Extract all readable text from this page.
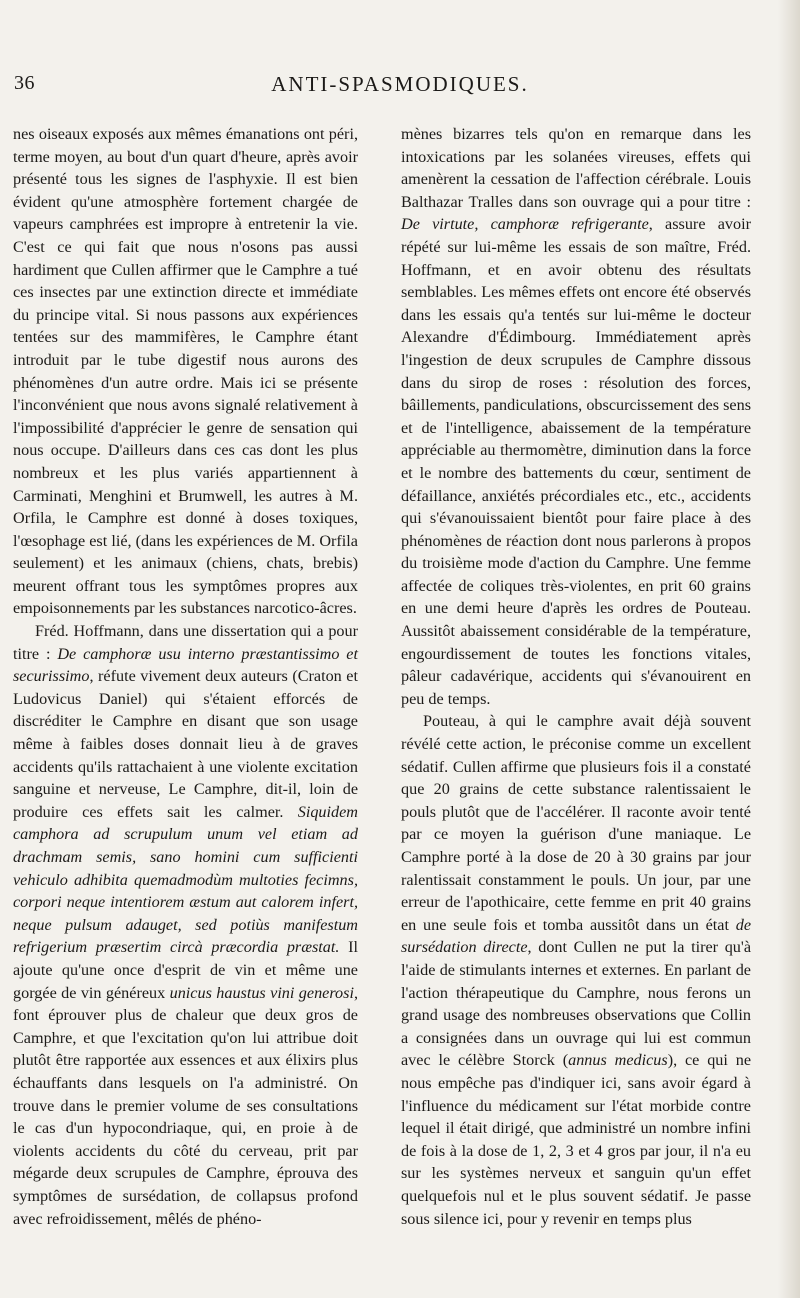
36	ANTI-SPASMODIQUES.

nes oiseaux exposés aux mêmes émanations ont péri, terme moyen, au bout d'un quart d'heure, après avoir présenté tous les signes de l'asphyxie. Il est bien évident qu'une atmosphère fortement chargée de vapeurs camphrées est impropre à entretenir la vie. C'est ce qui fait que nous n'osons pas aussi hardiment que Cullen affirmer que le Camphre a tué ces insectes par une extinction directe et immédiate du principe vital. Si nous passons aux expériences tentées sur des mammifères, le Camphre étant introduit par le tube digestif nous aurons des phénomènes d'un autre ordre. Mais ici se présente l'inconvénient que nous avons signalé relativement à l'impossibilité d'apprécier le genre de sensation qui nous occupe. D'ailleurs dans ces cas dont les plus nombreux et les plus variés appartiennent à Carminati, Menghini et Brumwell, les autres à M. Orfila, le Camphre est donné à doses toxiques, l'œsophage est lié, (dans les expériences de M. Orfila seulement) et les animaux (chiens, chats, brebis) meurent offrant tous les symptômes propres aux empoisonnements par les substances narcotico-âcres.

Fréd. Hoffmann, dans une dissertation qui a pour titre : De camphoræ usu interno præstantissimo et securissimo, réfute vivement deux auteurs (Craton et Ludovicus Daniel) qui s'étaient efforcés de discréditer le Camphre en disant que son usage même à faibles doses donnait lieu à de graves accidents qu'ils rattachaient à une violente excitation sanguine et nerveuse, Le Camphre, dit-il, loin de produire ces effets sait les calmer. Siquidem camphora ad scrupulum unum vel etiam ad drachmam semis, sano homini cum sufficienti vehiculo adhibita quemadmodùm multoties fecimns, corpori neque intentiorem æstum aut calorem infert, neque pulsum adauget, sed potiùs manifestum refrigerium præsertim circà præcordia præstat. Il ajoute qu'une once d'esprit de vin et même une gorgée de vin généreux unicus haustus vini generosi, font éprouver plus de chaleur que deux gros de Camphre, et que l'excitation qu'on lui attribue doit plutôt être rapportée aux essences et aux élixirs plus échauffants dans lesquels on l'a administré. On trouve dans le premier volume de ses consultations le cas d'un hypocondriaque, qui, en proie à de violents accidents du côté du cerveau, prit par mégarde deux scrupules de Camphre, éprouva des symptômes de sursédation, de collapsus profond avec refroidissement, mêlés de phéno-

mènes bizarres tels qu'on en remarque dans les intoxications par les solanées vireuses, effets qui amenèrent la cessation de l'affection cérébrale. Louis Balthazar Tralles dans son ouvrage qui a pour titre : De virtute, camphoræ refrigerante, assure avoir répété sur lui-même les essais de son maître, Fréd. Hoffmann, et en avoir obtenu des résultats semblables. Les mêmes effets ont encore été observés dans les essais qu'a tentés sur lui-même le docteur Alexandre d'Édimbourg. Immédiatement après l'ingestion de deux scrupules de Camphre dissous dans du sirop de roses : résolution des forces, bâillements, pandiculations, obscurcissement des sens et de l'intelligence, abaissement de la température appréciable au thermomètre, diminution dans la force et le nombre des battements du cœur, sentiment de défaillance, anxiétés précordiales etc., etc., accidents qui s'évanouissaient bientôt pour faire place à des phénomènes de réaction dont nous parlerons à propos du troisième mode d'action du Camphre. Une femme affectée de coliques très-violentes, en prit 60 grains en une demi heure d'après les ordres de Pouteau. Aussitôt abaissement considérable de la température, engourdissement de toutes les fonctions vitales, pâleur cadavérique, accidents qui s'évanouirent en peu de temps.

Pouteau, à qui le camphre avait déjà souvent révélé cette action, le préconise comme un excellent sédatif. Cullen affirme que plusieurs fois il a constaté que 20 grains de cette substance ralentissaient le pouls plutôt que de l'accélérer. Il raconte avoir tenté par ce moyen la guérison d'une maniaque. Le Camphre porté à la dose de 20 à 30 grains par jour ralentissait constamment le pouls. Un jour, par une erreur de l'apothicaire, cette femme en prit 40 grains en une seule fois et tomba aussitôt dans un état de sursédation directe, dont Cullen ne put la tirer qu'à l'aide de stimulants internes et externes. En parlant de l'action thérapeutique du Camphre, nous ferons un grand usage des nombreuses observations que Collin a consignées dans un ouvrage qui lui est commun avec le célèbre Storck (annus medicus), ce qui ne nous empêche pas d'indiquer ici, sans avoir égard à l'influence du médicament sur l'état morbide contre lequel il était dirigé, que administré un nombre infini de fois à la dose de 1, 2, 3 et 4 gros par jour, il n'a eu sur les systèmes nerveux et sanguin qu'un effet quelquefois nul et le plus souvent sédatif. Je passe sous silence ici, pour y revenir en temps plus
